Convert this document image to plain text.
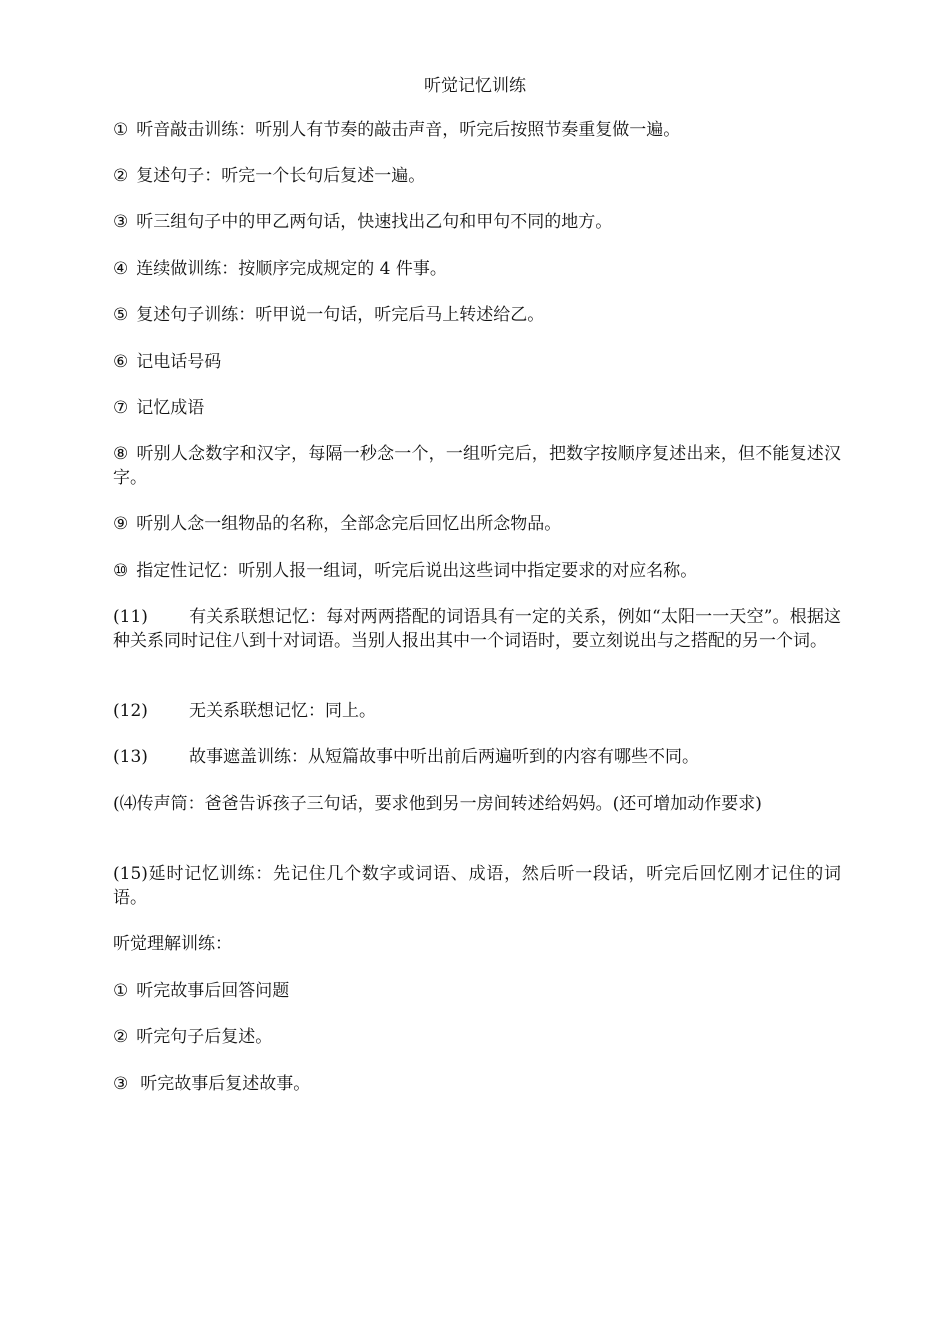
听觉记忆训练
① 听音敲击训练：听别人有节奏的敲击声音，听完后按照节奏重复做一遍。
② 复述句子：听完一个长句后复述一遍。
③ 听三组句子中的甲乙两句话，快速找出乙句和甲句不同的地方。
④ 连续做训练：按顺序完成规定的 4 件事。
⑤ 复述句子训练：听甲说一句话，听完后马上转述给乙。
⑥ 记电话号码
⑦ 记忆成语
⑧ 听别人念数字和汉字，每隔一秒念一个，一组听完后，把数字按顺序复述出来，但不能复述汉字。
⑨ 听别人念一组物品的名称，全部念完后回忆出所念物品。
⑩ 指定性记忆：听别人报一组词，听完后说出这些词中指定要求的对应名称。
(11) 有关系联想记忆：每对两两搭配的词语具有一定的关系，例如“太阳一一天空”。根据这种关系同时记住八到十对词语。当别人报出其中一个词语时，要立刻说出与之搭配的另一个词。
(12) 无关系联想记忆：同上。
(13) 故事遮盖训练：从短篇故事中听出前后两遍听到的内容有哪些不同。
(⑷传声筒：爸爸告诉孩子三句话，要求他到另一房间转述给妈妈。(还可增加动作要求)
(15)延时记忆训练：先记住几个数字或词语、成语，然后听一段话，听完后回忆刚才记住的词语。
听觉理解训练：
① 听完故事后回答问题
② 听完句子后复述。
③ 听完故事后复述故事。
